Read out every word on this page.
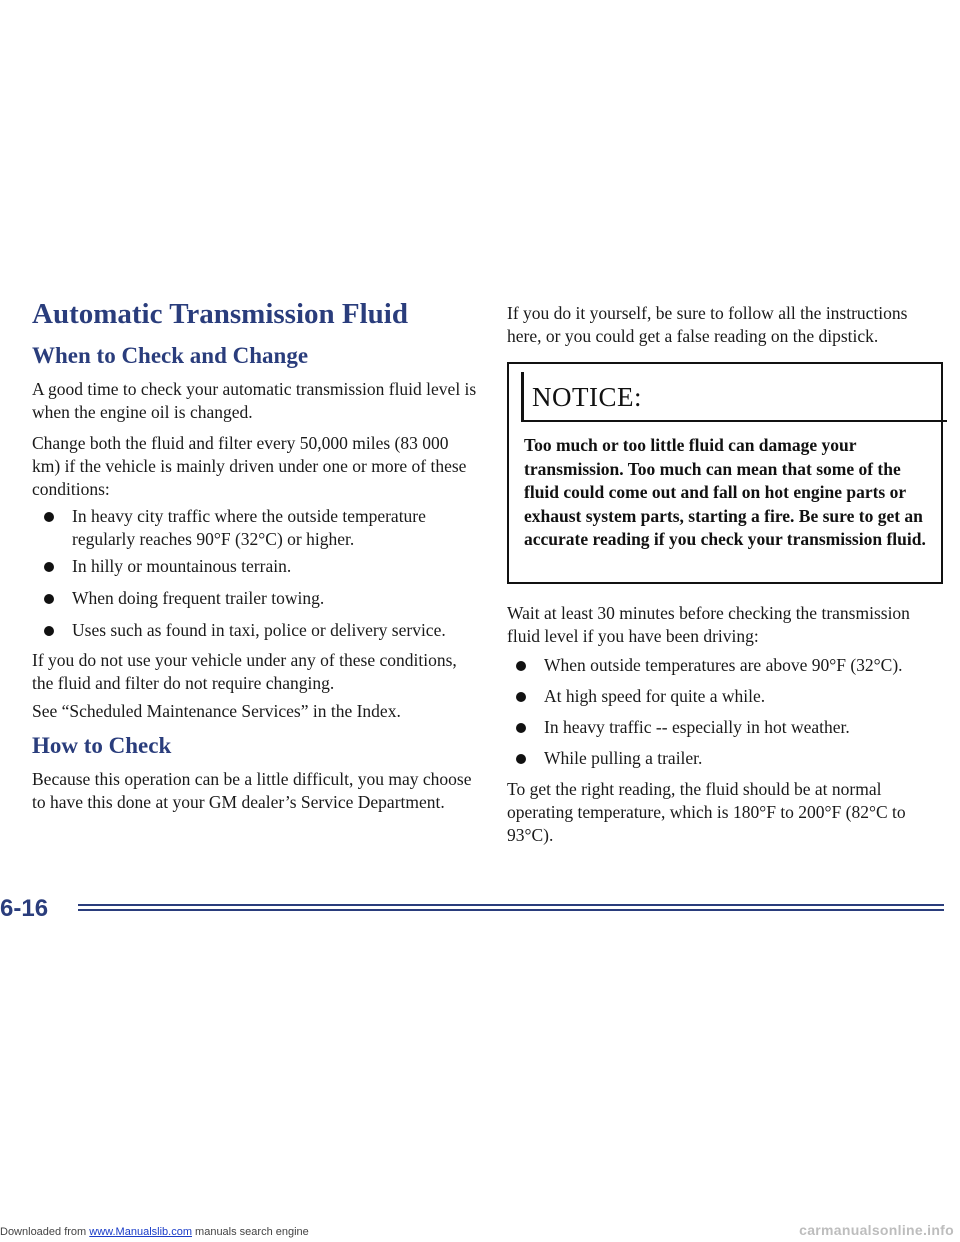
Automatic Transmission Fluid
When to Check and Change

A good time to check your automatic transmission fluid level is when the engine oil is changed.

Change both the fluid and filter every 50,000 miles (83 000 km) if the vehicle is mainly driven under one or more of these conditions:

In heavy city traffic where the outside temperature regularly reaches 90°F (32°C) or higher.
In hilly or mountainous terrain.
When doing frequent trailer towing.
Uses such as found in taxi, police or delivery service.

If you do not use your vehicle under any of these conditions, the fluid and filter do not require changing.

See “Scheduled Maintenance Services” in the Index.

How to Check

Because this operation can be a little difficult, you may choose to have this done at your GM dealer’s Service Department.

If you do it yourself, be sure to follow all the instructions here, or you could get a false reading on the dipstick.

NOTICE:
Too much or too little fluid can damage your transmission. Too much can mean that some of the fluid could come out and fall on hot engine parts or exhaust system parts, starting a fire. Be sure to get an accurate reading if you check your transmission fluid.

Wait at least 30 minutes before checking the transmission fluid level if you have been driving:

When outside temperatures are above 90°F (32°C).
At high speed for quite a while.
In heavy traffic -- especially in hot weather.
While pulling a trailer.

To get the right reading, the fluid should be at normal operating temperature, which is 180°F to 200°F (82°C to 93°C).

6-16
Downloaded from www.Manualslib.com manuals search engine	carmanualsonline.info
